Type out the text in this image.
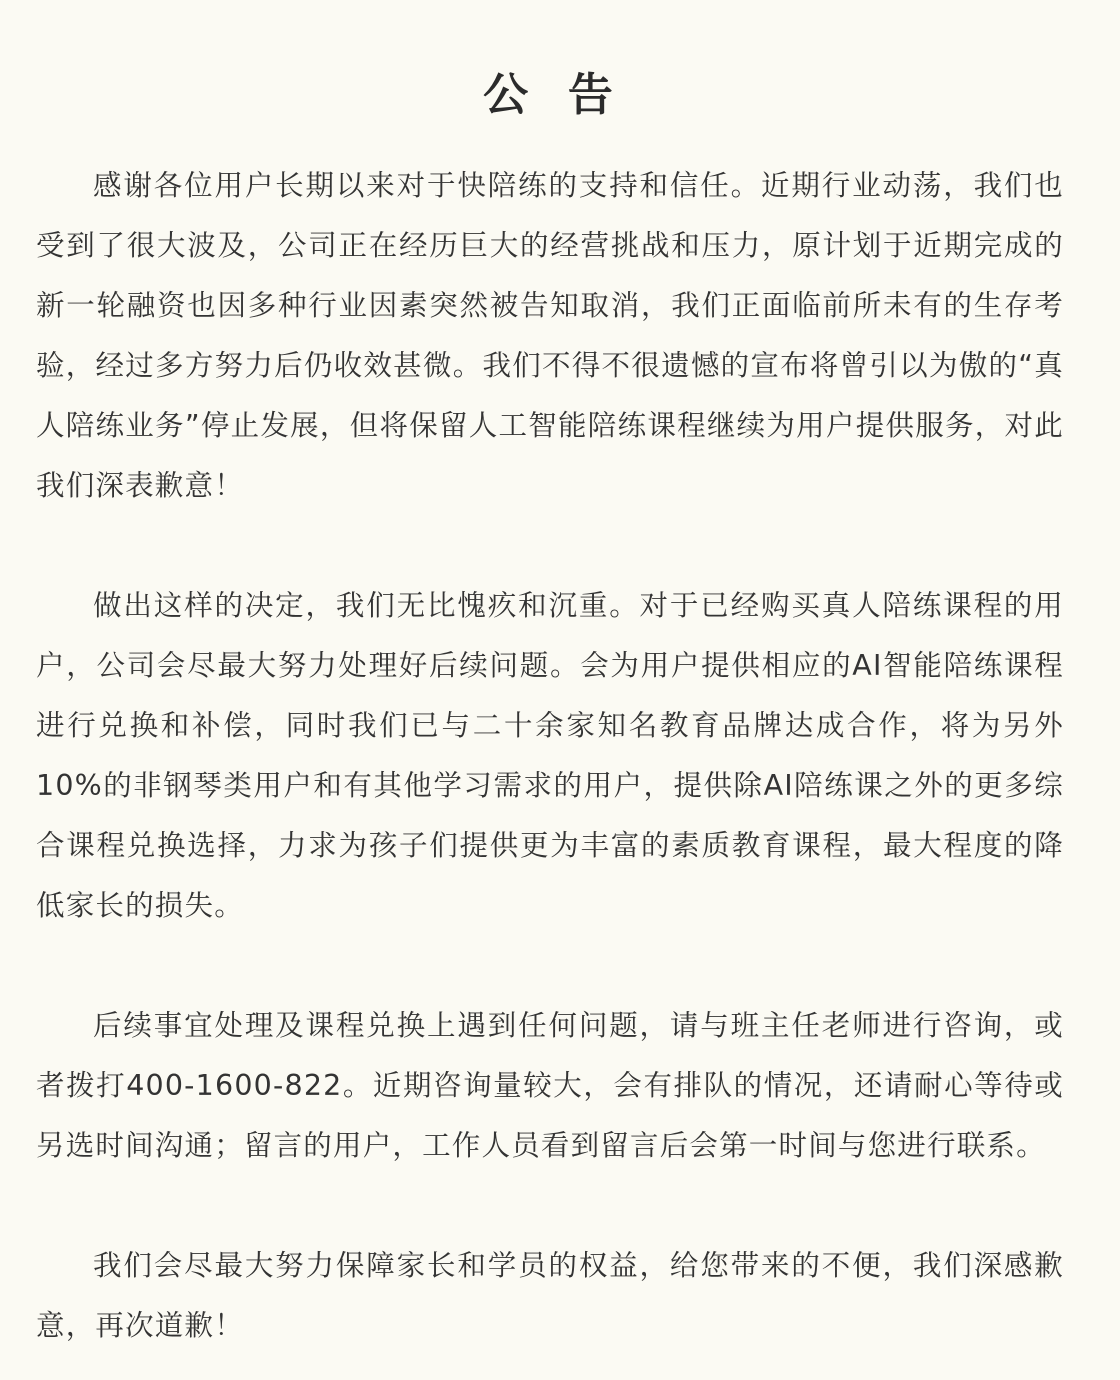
公 告

感谢各位用户长期以来对于快陪练的支持和信任。近期行业动荡，我们也受到了很大波及，公司正在经历巨大的经营挑战和压力，原计划于近期完成的新一轮融资也因多种行业因素突然被告知取消，我们正面临前所未有的生存考验，经过多方努力后仍收效甚微。我们不得不很遗憾的宣布将曾引以为傲的“真人陪练业务”停止发展，但将保留人工智能陪练课程继续为用户提供服务，对此我们深表歉意！

做出这样的决定，我们无比愧疚和沉重。对于已经购买真人陪练课程的用户，公司会尽最大努力处理好后续问题。会为用户提供相应的AI智能陪练课程进行兑换和补偿，同时我们已与二十余家知名教育品牌达成合作，将为另外10%的非钢琴类用户和有其他学习需求的用户，提供除AI陪练课之外的更多综合课程兑换选择，力求为孩子们提供更为丰富的素质教育课程，最大程度的降低家长的损失。

后续事宜处理及课程兑换上遇到任何问题，请与班主任老师进行咨询，或者拨打400-1600-822。近期咨询量较大，会有排队的情况，还请耐心等待或另选时间沟通；留言的用户，工作人员看到留言后会第一时间与您进行联系。

我们会尽最大努力保障家长和学员的权益，给您带来的不便，我们深感歉意，再次道歉！
